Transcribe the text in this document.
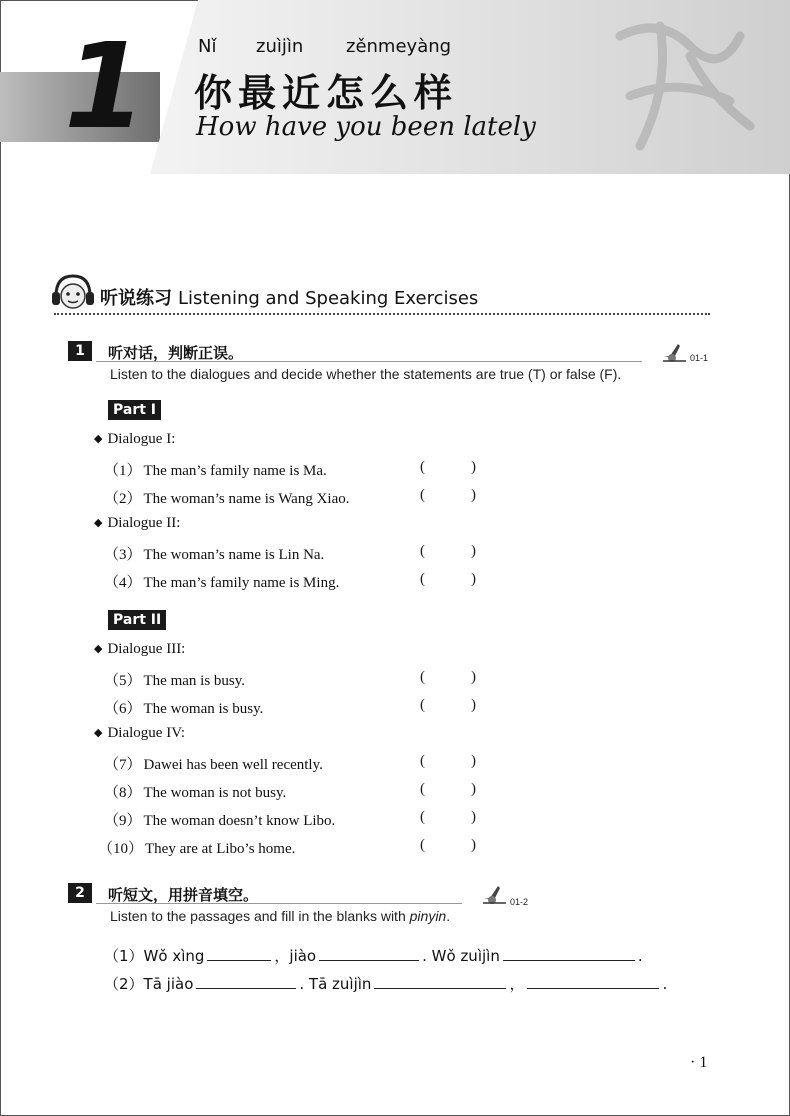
1	Nǐ zuìjìn zěnmeyàng
你最近怎么样
How have you been lately
听说练习 Listening and Speaking Exercises
1	听对话，判断正误。
Listen to the dialogues and decide whether the statements are true (T) or false (F).
01-1
Part I
◆ Dialogue I:
（1） The man’s family name is Ma.	(	)
（2） The woman’s name is Wang Xiao.	(	)
◆ Dialogue II:
（3） The woman’s name is Lin Na.	(	)
（4） The man’s family name is Ming.	(	)
Part II
◆ Dialogue III:
（5） The man is busy.	(	)
（6） The woman is busy.	(	)
◆ Dialogue IV:
（7） Dawei has been well recently.	(	)
（8） The woman is not busy.	(	)
（9） The woman doesn’t know Libo.	(	)
（10） They are at Libo’s home.	(	)
2	听短文，用拼音填空。
Listen to the passages and fill in the blanks with pinyin.
01-2
（1）Wǒ xìng	，jiào	. Wǒ zuìjìn	.
（2）Tā jiào	. Tā zuìjìn	，	.
· 1
